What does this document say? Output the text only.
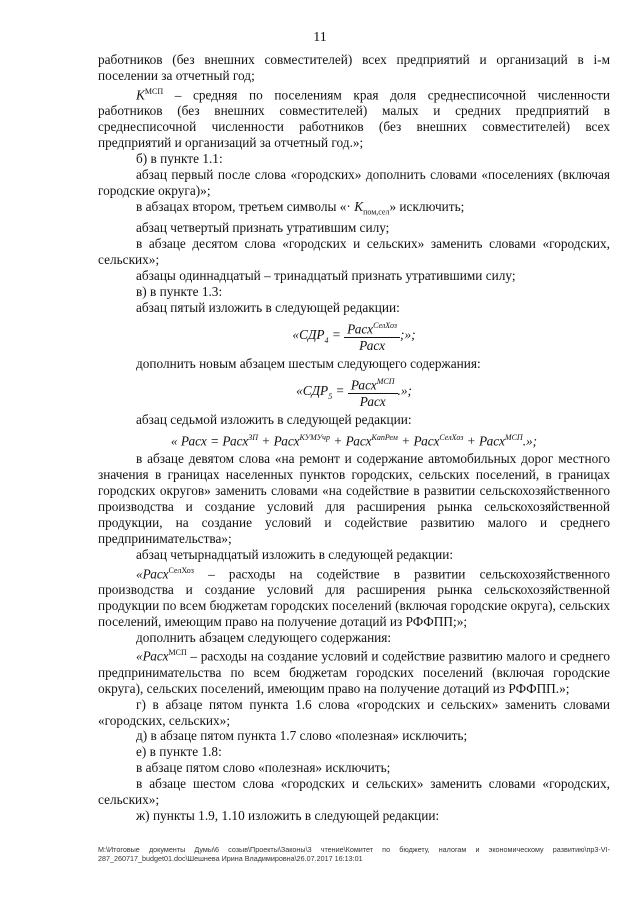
11

работников (без внешних совместителей) всех предприятий и организаций в i-м поселении за отчетный год;

$K^{МСП}$ – средняя по поселениям края доля среднесписочной численности работников (без внешних совместителей) малых и средних предприятий в среднесписочной численности работников (без внешних совместителей) всех предприятий и организаций за отчетный год.»;

б) в пункте 1.1:

абзац первый после слова «городских» дополнить словами «поселениях (включая городские округа)»;

в абзацах втором, третьем символы «· $K_{пом,сел}$» исключить;

абзац четвертый признать утратившим силу;

в абзаце десятом слова «городских и сельских» заменить словами «городских, сельских»;

абзацы одиннадцатый – тринадцатый признать утратившими силу;

в) в пункте 1.3:

абзац пятый изложить в следующей редакции:

«$СДР_4 = \frac{Расх^{СелХоз}}{\text{Расх}}$ ;»;

дополнить новым абзацем шестым следующего содержания:

«$СДР_5 = \frac{Расх^{МСП}}{\text{Расх}}$ .»;

абзац седьмой изложить в следующей редакции:

« Расх = Расх$^{ЗП}$ + Расх$^{КУМУчр}$ + Расх$^{КапРем}$ + Расх$^{СелХоз}$ + Расх$^{МСП}$.»;

в абзаце девятом слова «на ремонт и содержание автомобильных дорог местного значения в границах населенных пунктов городских, сельских поселений, в границах городских округов» заменить словами «на содействие в развитии сельскохозяйственного производства и создание условий для расширения рынка сельскохозяйственной продукции, на создание условий и содействие развитию малого и среднего предпринимательства»;

абзац четырнадцатый изложить в следующей редакции:

«Расх$^{СелХоз}$ – расходы на содействие в развитии сельскохозяйственного производства и создание условий для расширения рынка сельскохозяйственной продукции по всем бюджетам городских поселений (включая городские округа), сельских поселений, имеющим право на получение дотаций из РФФПП;»;

дополнить абзацем следующего содержания:

«Расх$^{МСП}$ – расходы на создание условий и содействие развитию малого и среднего предпринимательства по всем бюджетам городских поселений (включая городские округа), сельских поселений, имеющим право на получение дотаций из РФФПП.»;

г) в абзаце пятом пункта 1.6 слова «городских и сельских» заменить словами «городских, сельских»;

д) в абзаце пятом пункта 1.7 слово «полезная» исключить;

е) в пункте 1.8:

в абзаце пятом слово «полезная» исключить;

в абзаце шестом слова «городских и сельских» заменить словами «городских, сельских»;

ж) пункты 1.9, 1.10 изложить в следующей редакции:

М:\Итоговые документы Думы\6 созыв\Проекты\Законы\3 чтение\Комитет по бюджету, налогам и экономическому развитию\пр3-VI-287_260717_budget01.doc\Шешнева Ирина Владимировна\26.07.2017 16:13:01
